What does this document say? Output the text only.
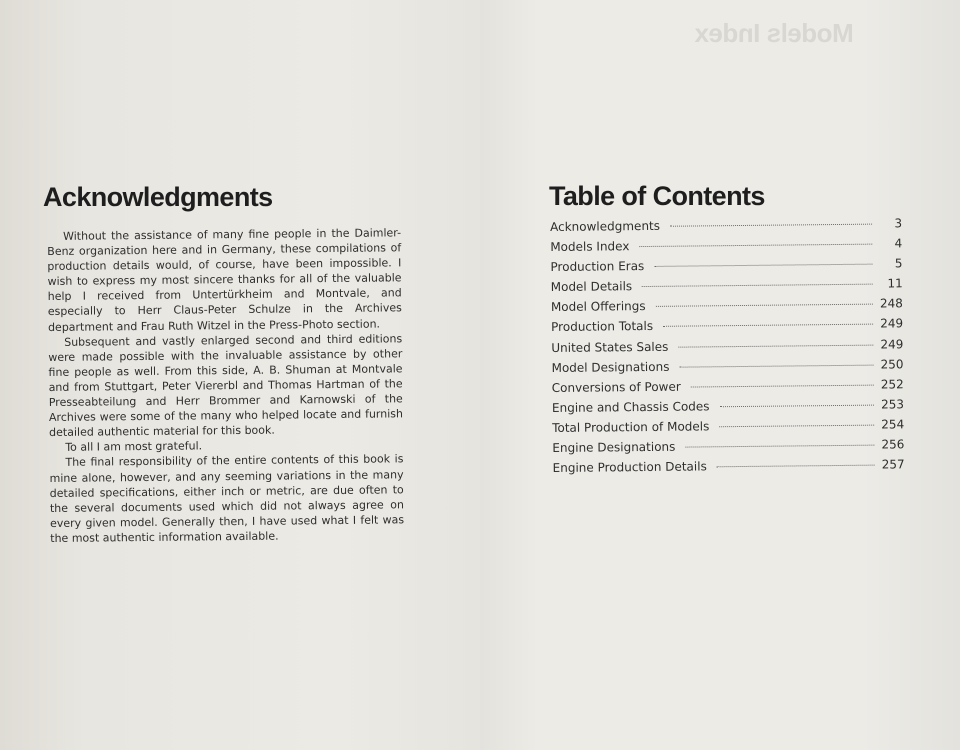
Acknowledgments

Without the assistance of many fine people in the Daimler-Benz organization here and in Germany, these compilations of production details would, of course, have been impossible. I wish to express my most sincere thanks for all of the valuable help I received from Untertürkheim and Montvale, and especially to Herr Claus-Peter Schulze in the Archives department and Frau Ruth Witzel in the Press-Photo section.

Subsequent and vastly enlarged second and third editions were made possible with the invaluable assistance by other fine people as well. From this side, A. B. Shuman at Montvale and from Stuttgart, Peter Viererbl and Thomas Hartman of the Presseabteilung and Herr Brommer and Karnowski of the Archives were some of the many who helped locate and furnish detailed authentic material for this book.

To all I am most grateful.

The final responsibility of the entire contents of this book is mine alone, however, and any seeming variations in the many detailed specifications, either inch or metric, are due often to the several documents used which did not always agree on every given model. Generally then, I have used what I felt was the most authentic information available.

Models Index
Table of Contents
Acknowledgments	3
Models Index	4
Production Eras	5
Model Details	11
Model Offerings	248
Production Totals	249
United States Sales	249
Model Designations	250
Conversions of Power	252
Engine and Chassis Codes	253
Total Production of Models	254
Engine Designations	256
Engine Production Details	257
